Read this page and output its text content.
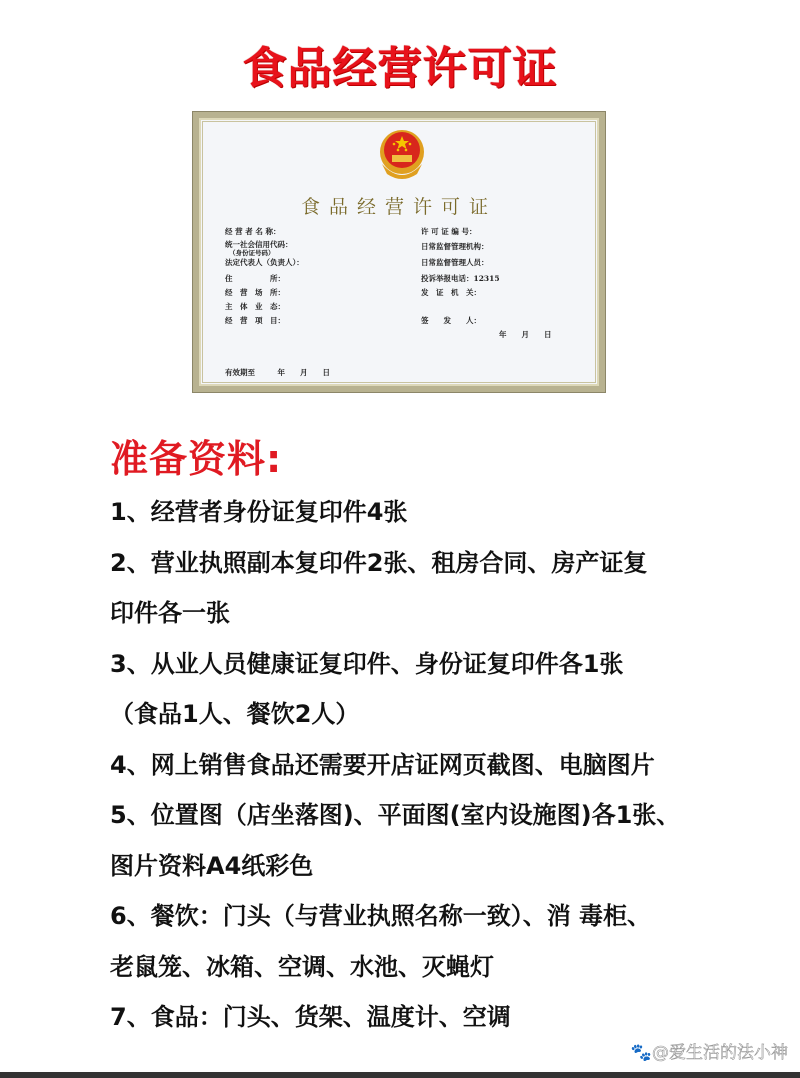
食品经营许可证
食品经营许可证
经 营 者 名 称：
统一社会信用代码：
（身份证号码）
法定代表人（负责人）：
住　　　　　所：
经　营　场　所：
主　体　业　态：
经　营　项　目：
许 可 证 编 号：
日常监督管理机构：
日常监督管理人员：
投诉举报电话：12315
发　证　机　关：
签　　发　　人：
年　　月　　日
有效期至　　　年　　月　　日
准备资料:
1、经营者身份证复印件4张
2、营业执照副本复印件2张、租房合同、房产证复
印件各一张
3、从业人员健康证复印件、身份证复印件各1张
（食品1人、餐饮2人）
4、网上销售食品还需要开店证网页截图、电脑图片
5、位置图（店坐落图)、平面图(室内设施图)各1张、
图片资料A4纸彩色
6、餐饮：门头（与营业执照名称一致）、消 毒柜、
老鼠笼、冰箱、空调、水池、灭蝇灯
7、食品：门头、货架、温度计、空调
🐾@爱生活的法小神
